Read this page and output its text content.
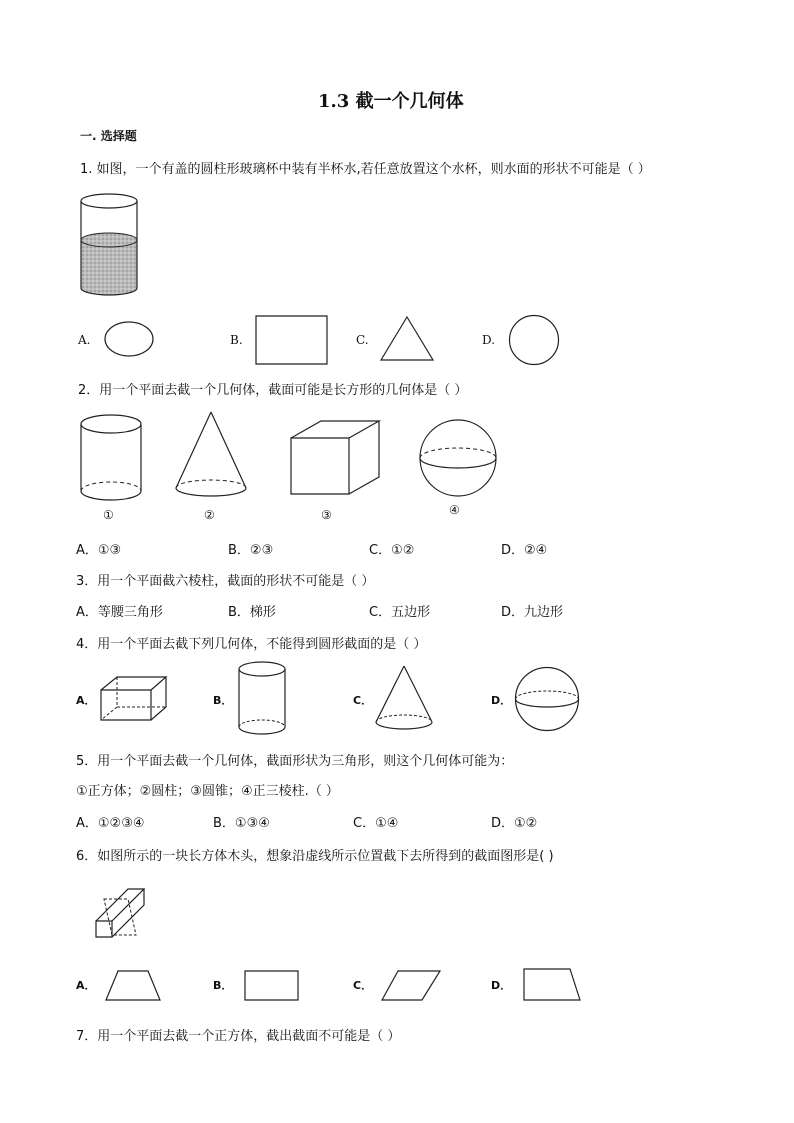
1.3 截一个几何体
一. 选择题
1. 如图，一个有盖的圆柱形玻璃杯中装有半杯水,若任意放置这个水杯，则水面的形状不可能是（ ）
A.	B.	C.	D.
2．用一个平面去截一个几何体，截面可能是长方形的几何体是（ ）
①	②	③	④
A．①③	B．②③	C．①②	D．②④
3．用一个平面截六棱柱，截面的形状不可能是（ ）
A．等腰三角形	B．梯形	C．五边形	D．九边形
4．用一个平面去截下列几何体，不能得到圆形截面的是（ ）
A．	B．	C．	D．
5．用一个平面去截一个几何体，截面形状为三角形，则这个几何体可能为：
①正方体；②圆柱；③圆锥；④正三棱柱.（ ）
A．①②③④	B．①③④	C．①④	D．①②
6．如图所示的一块长方体木头，想象沿虚线所示位置截下去所得到的截面图形是( )
A．	B．	C．	D．
7．用一个平面去截一个正方体，截出截面不可能是（ ）
